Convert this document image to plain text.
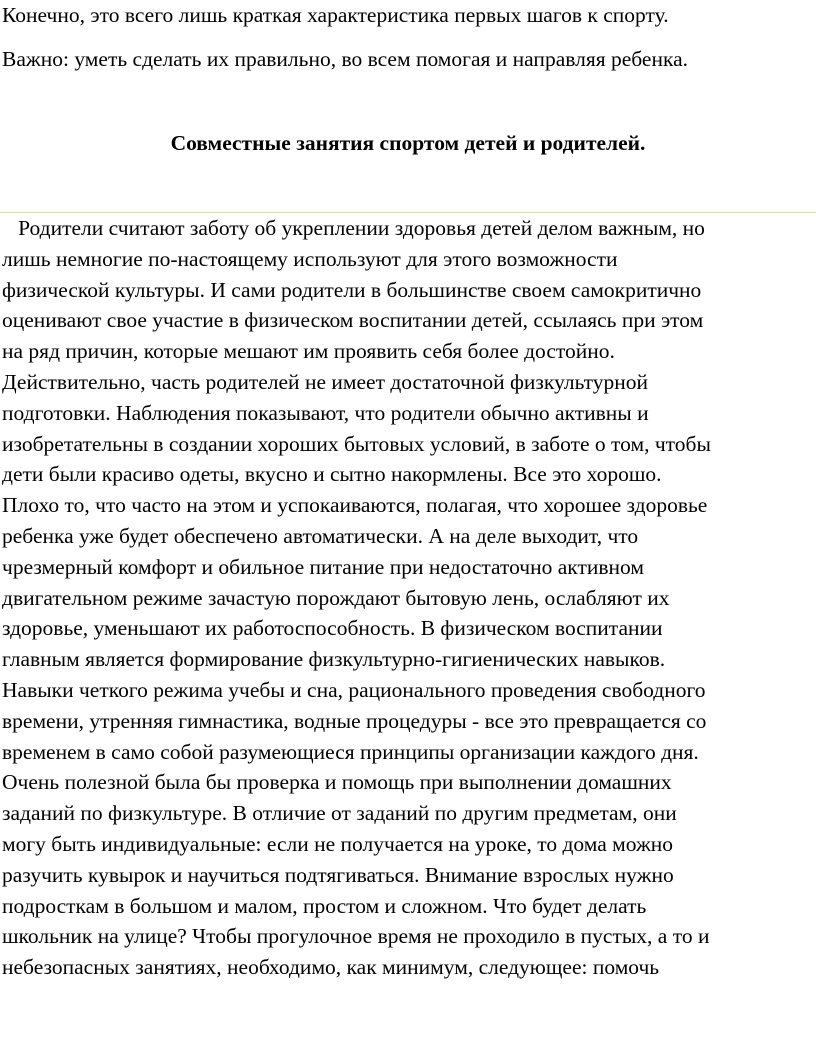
Конечно, это всего лишь краткая характеристика первых шагов к спорту.
Важно: уметь сделать их правильно, во всем помогая и направляя ребенка.
Совместные занятия спортом детей и родителей.
Родители считают заботу об укреплении здоровья детей делом важным, но
лишь немногие по-настоящему используют для этого возможности
физической культуры. И сами родители в большинстве своем самокритично
оценивают свое участие в физическом воспитании детей, ссылаясь при этом
на ряд причин, которые мешают им проявить себя более достойно.
Действительно, часть родителей не имеет достаточной физкультурной
подготовки. Наблюдения показывают, что родители обычно активны и
изобретательны в создании хороших бытовых условий, в заботе о том, чтобы
дети были красиво одеты, вкусно и сытно накормлены. Все это хорошо.
Плохо то, что часто на этом и успокаиваются, полагая, что хорошее здоровье
ребенка уже будет обеспечено автоматически. А на деле выходит, что
чрезмерный комфорт и обильное питание при недостаточно активном
двигательном режиме зачастую порождают бытовую лень, ослабляют их
здоровье, уменьшают их работоспособность. В физическом воспитании
главным является формирование физкультурно-гигиенических навыков.
Навыки четкого режима учебы и сна, рационального проведения свободного
времени, утренняя гимнастика, водные процедуры - все это превращается со
временем в само собой разумеющиеся принципы организации каждого дня.
Очень полезной была бы проверка и помощь при выполнении домашних
заданий по физкультуре. В отличие от заданий по другим предметам, они
могу быть индивидуальные: если не получается на уроке, то дома можно
разучить кувырок и научиться подтягиваться. Внимание взрослых нужно
подросткам в большом и малом, простом и сложном. Что будет делать
школьник на улице? Чтобы прогулочное время не проходило в пустых, а то и
небезопасных занятиях, необходимо, как минимум, следующее: помочь
